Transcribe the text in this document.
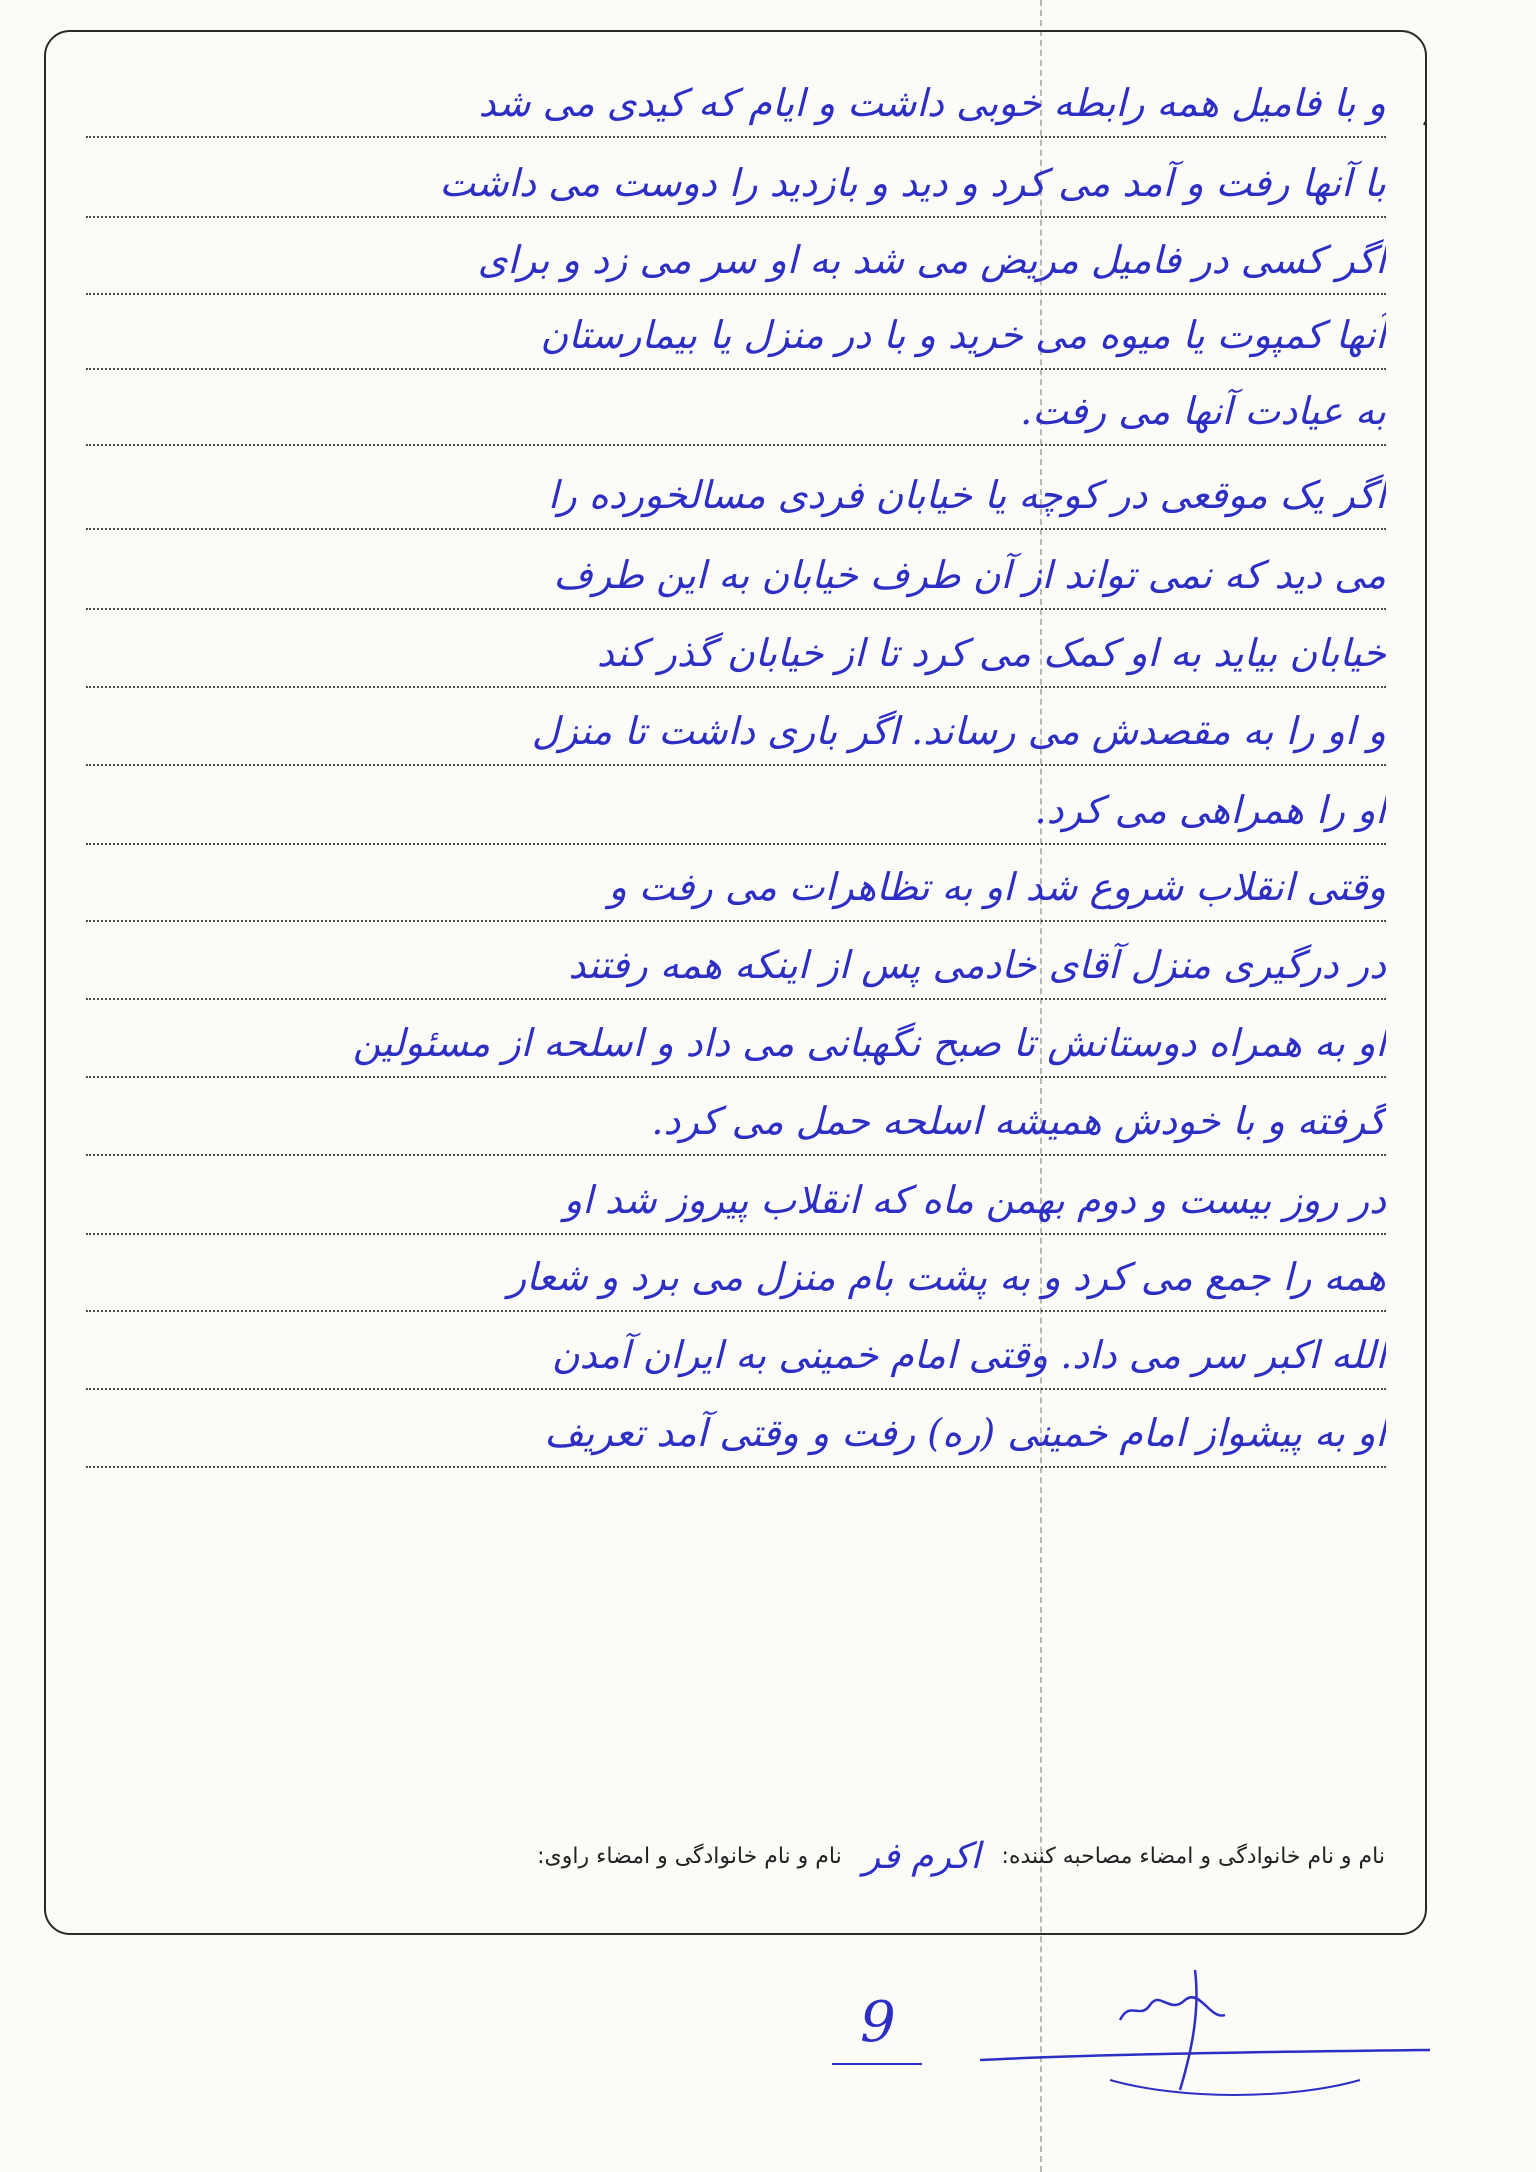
و با فامیل همه رابطه خوبی داشت و ایام که کیدی می شد
با آنها رفت و آمد می کرد و دید و بازدید را دوست می داشت
اگر کسی در فامیل مریض می شد به او سر می زد و برای
آنها کمپوت یا میوه می خرید و با در منزل یا بیمارستان
به عیادت آنها می رفت.
اگر یک موقعی در کوچه یا خیابان فردی مسالخورده را
می دید که نمی تواند از آن طرف خیابان به این طرف
خیابان بیاید به او کمک می کرد تا از خیابان گذر کند
و او را به مقصدش می رساند. اگر باری داشت تا منزل
او را همراهی می کرد.
وقتی انقلاب شروع شد او به تظاهرات می رفت و
در درگیری منزل آقای خادمی پس از اینکه همه رفتند
او به همراه دوستانش تا صبح نگهبانی می داد و اسلحه از مسئولین
گرفته و با خودش همیشه اسلحه حمل می کرد.
در روز بیست و دوم بهمن ماه که انقلاب پیروز شد او
همه را جمع می کرد و به پشت بام منزل می برد و شعار
الله اکبر سر می داد. وقتی امام خمینی به ایران آمدن
او به پیشواز امام خمینی (ره) رفت و وقتی آمد تعریف
نام و نام خانوادگی و امضاء مصاحبه کننده: اکرم فر نام و نام خانوادگی و امضاء راوی:
9
